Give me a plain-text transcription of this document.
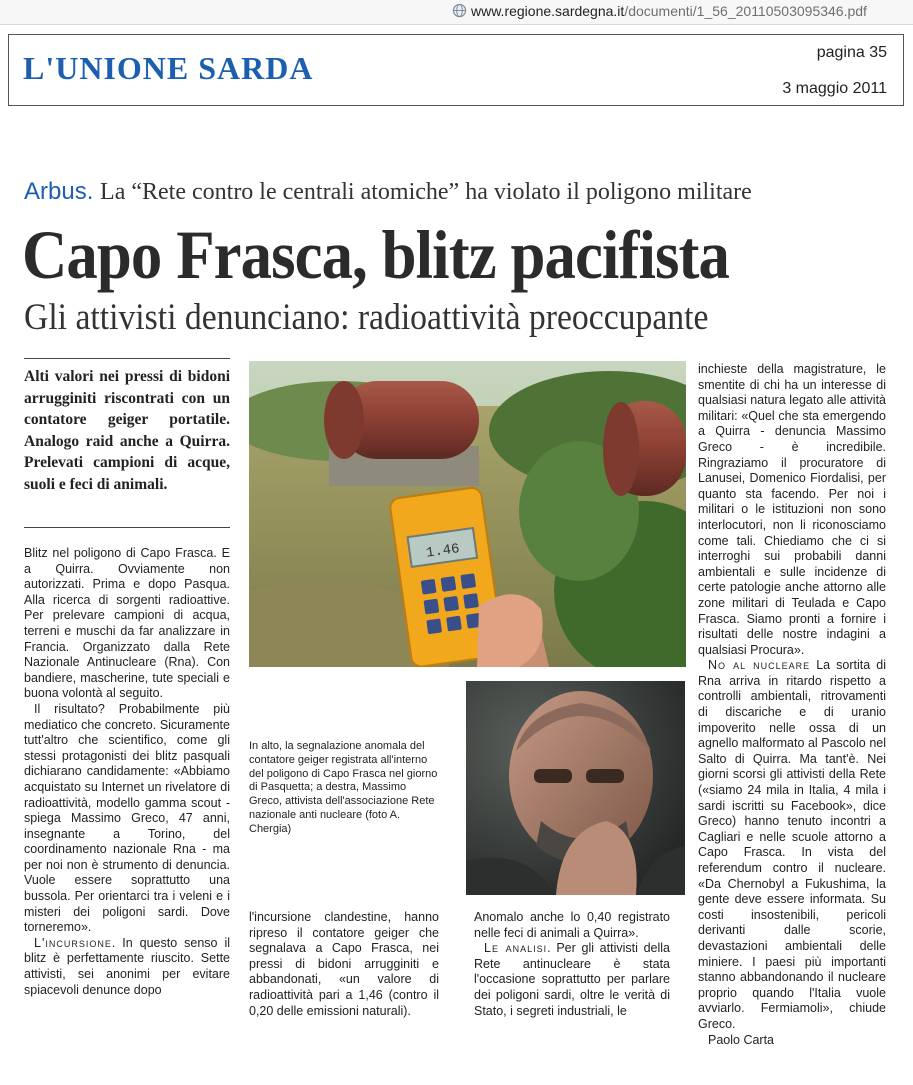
www.regione.sardegna.it/documenti/1_56_20110503095346.pdf
L'UNIONE SARDA	pagina 35
3 maggio 2011
Arbus. La “Rete contro le centrali atomiche” ha violato il poligono militare
Capo Frasca, blitz pacifista
Gli attivisti denunciano: radioattività preoccupante
Alti valori nei pressi di bidoni arrugginiti riscontrati con un contatore geiger portatile. Analogo raid anche a Quirra. Prelevati campioni di acque, suoli e feci di animali.

Blitz nel poligono di Capo Frasca. E a Quirra. Ovviamente non autorizzati. Prima e dopo Pasqua. Alla ricerca di sorgenti radioattive. Per prelevare campioni di acqua, terreni e muschi da far analizzare in Francia. Organizzato dalla Rete Nazionale Antinucleare (Rna). Con bandiere, mascherine, tute speciali e buona volontà al seguito.

Il risultato? Probabilmente più mediatico che concreto. Sicuramente tutt'altro che scientifico, come gli stessi protagonisti dei blitz pasquali dichiarano candidamente: «Abbiamo acquistato su Internet un rivelatore di radioattività, modello gamma scout - spiega Massimo Greco, 47 anni, insegnante a Torino, del coordinamento nazionale Rna - ma per noi non è strumento di denuncia. Vuole essere soprattutto una bussola. Per orientarci tra i veleni e i misteri dei poligoni sardi. Dove torneremo».

L'incursione. In questo senso il blitz è perfettamente riuscito. Sette attivisti, sei anonimi per evitare spiacevoli denunce dopo

1.46
In alto, la segnalazione anomala del contatore geiger registrata all'interno del poligono di Capo Frasca nel giorno di Pasquetta; a destra, Massimo Greco, attivista dell'associazione Rete nazionale anti nucleare (foto A. Chergia)

l'incursione clandestine, hanno ripreso il contatore geiger che segnalava a Capo Frasca, nei pressi di bidoni arrugginiti e abbandonati, «un valore di radioattività pari a 1,46 (contro il 0,20 delle emissioni naturali).

Anomalo anche lo 0,40 registrato nelle feci di animali a Quirra».

Le analisi. Per gli attivisti della Rete antinucleare è stata l'occasione soprattutto per parlare dei poligoni sardi, oltre le verità di Stato, i segreti industriali, le

inchieste della magistrature, le smentite di chi ha un interesse di qualsiasi natura legato alle attività militari: «Quel che sta emergendo a Quirra - denuncia Massimo Greco - è incredibile. Ringraziamo il procuratore di Lanusei, Domenico Fiordalisi, per quanto sta facendo. Per noi i militari o le istituzioni non sono interlocutori, non li riconosciamo come tali. Chiediamo che ci si interroghi sui probabili danni ambientali e sulle incidenze di certe patologie anche attorno alle zone militari di Teulada e Capo Frasca. Siamo pronti a fornire i risultati delle nostre indagini a qualsiasi Procura».

No al nucleare La sortita di Rna arriva in ritardo rispetto a controlli ambientali, ritrovamenti di discariche e di uranio impoverito nelle ossa di un agnello malformato al Pascolo nel Salto di Quirra. Ma tant'è. Nei giorni scorsi gli attivisti della Rete («siamo 24 mila in Italia, 4 mila i sardi iscritti su Facebook», dice Greco) hanno tenuto incontri a Cagliari e nelle scuole attorno a Capo Frasca. In vista del referendum contro il nucleare. «Da Chernobyl a Fukushima, la gente deve essere informata. Su costi insostenibili, pericoli derivanti dalle scorie, devastazioni ambientali delle miniere. I paesi più importanti stanno abbandonando il nucleare proprio quando l'Italia vuole avviarlo. Fermiamoli», chiude Greco.

Paolo Carta
